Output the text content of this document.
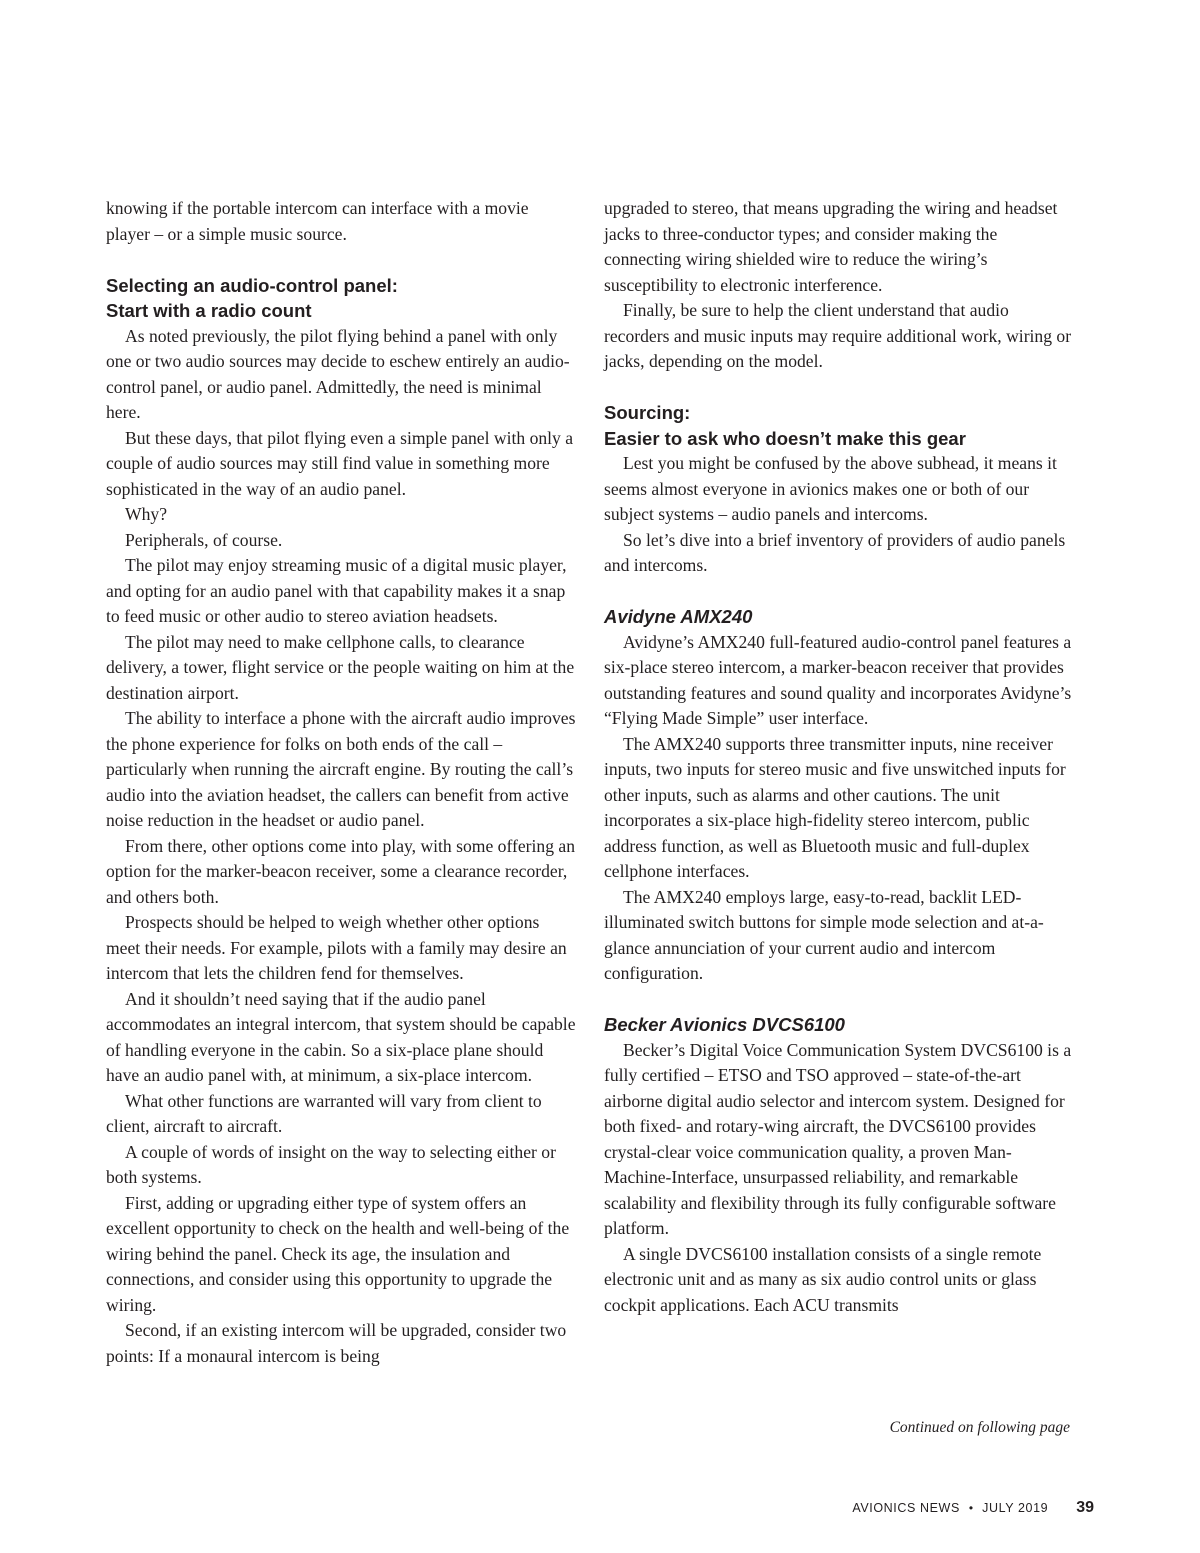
knowing if the portable intercom can interface with a movie player – or a simple music source.

Selecting an audio-control panel:
Start with a radio count

As noted previously, the pilot flying behind a panel with only one or two audio sources may decide to eschew entirely an audio-control panel, or audio panel. Admittedly, the need is minimal here.

But these days, that pilot flying even a simple panel with only a couple of audio sources may still find value in something more sophisticated in the way of an audio panel.

Why?

Peripherals, of course.

The pilot may enjoy streaming music of a digital music player, and opting for an audio panel with that capability makes it a snap to feed music or other audio to stereo aviation headsets.

The pilot may need to make cellphone calls, to clearance delivery, a tower, flight service or the people waiting on him at the destination airport.

The ability to interface a phone with the aircraft audio improves the phone experience for folks on both ends of the call – particularly when running the aircraft engine. By routing the call’s audio into the aviation headset, the callers can benefit from active noise reduction in the headset or audio panel.

From there, other options come into play, with some offering an option for the marker-beacon receiver, some a clearance recorder, and others both.

Prospects should be helped to weigh whether other options meet their needs. For example, pilots with a family may desire an intercom that lets the children fend for themselves.

And it shouldn’t need saying that if the audio panel accommodates an integral intercom, that system should be capable of handling everyone in the cabin. So a six-place plane should have an audio panel with, at minimum, a six-place intercom.

What other functions are warranted will vary from client to client, aircraft to aircraft.

A couple of words of insight on the way to selecting either or both systems.

First, adding or upgrading either type of system offers an excellent opportunity to check on the health and well-being of the wiring behind the panel. Check its age, the insulation and connections, and consider using this opportunity to upgrade the wiring.

Second, if an existing intercom will be upgraded, consider two points: If a monaural intercom is being

upgraded to stereo, that means upgrading the wiring and headset jacks to three-conductor types; and consider making the connecting wiring shielded wire to reduce the wiring’s susceptibility to electronic interference.

Finally, be sure to help the client understand that audio recorders and music inputs may require additional work, wiring or jacks, depending on the model.

Sourcing:
Easier to ask who doesn’t make this gear

Lest you might be confused by the above subhead, it means it seems almost everyone in avionics makes one or both of our subject systems – audio panels and intercoms.

So let’s dive into a brief inventory of providers of audio panels and intercoms.

Avidyne AMX240

Avidyne’s AMX240 full-featured audio-control panel features a six-place stereo intercom, a marker-beacon receiver that provides outstanding features and sound quality and incorporates Avidyne’s “Flying Made Simple” user interface.

The AMX240 supports three transmitter inputs, nine receiver inputs, two inputs for stereo music and five unswitched inputs for other inputs, such as alarms and other cautions. The unit incorporates a six-place high-fidelity stereo intercom, public address function, as well as Bluetooth music and full-duplex cellphone interfaces.

The AMX240 employs large, easy-to-read, backlit LED-illuminated switch buttons for simple mode selection and at-a-glance annunciation of your current audio and intercom configuration.

Becker Avionics DVCS6100

Becker’s Digital Voice Communication System DVCS6100 is a fully certified – ETSO and TSO approved – state-of-the-art airborne digital audio selector and intercom system. Designed for both fixed- and rotary-wing aircraft, the DVCS6100 provides crystal-clear voice communication quality, a proven Man-Machine-Interface, unsurpassed reliability, and remarkable scalability and flexibility through its fully configurable software platform.

A single DVCS6100 installation consists of a single remote electronic unit and as many as six audio control units or glass cockpit applications. Each ACU transmits

Continued on following page
AVIONICS NEWS • JULY 2019 39
